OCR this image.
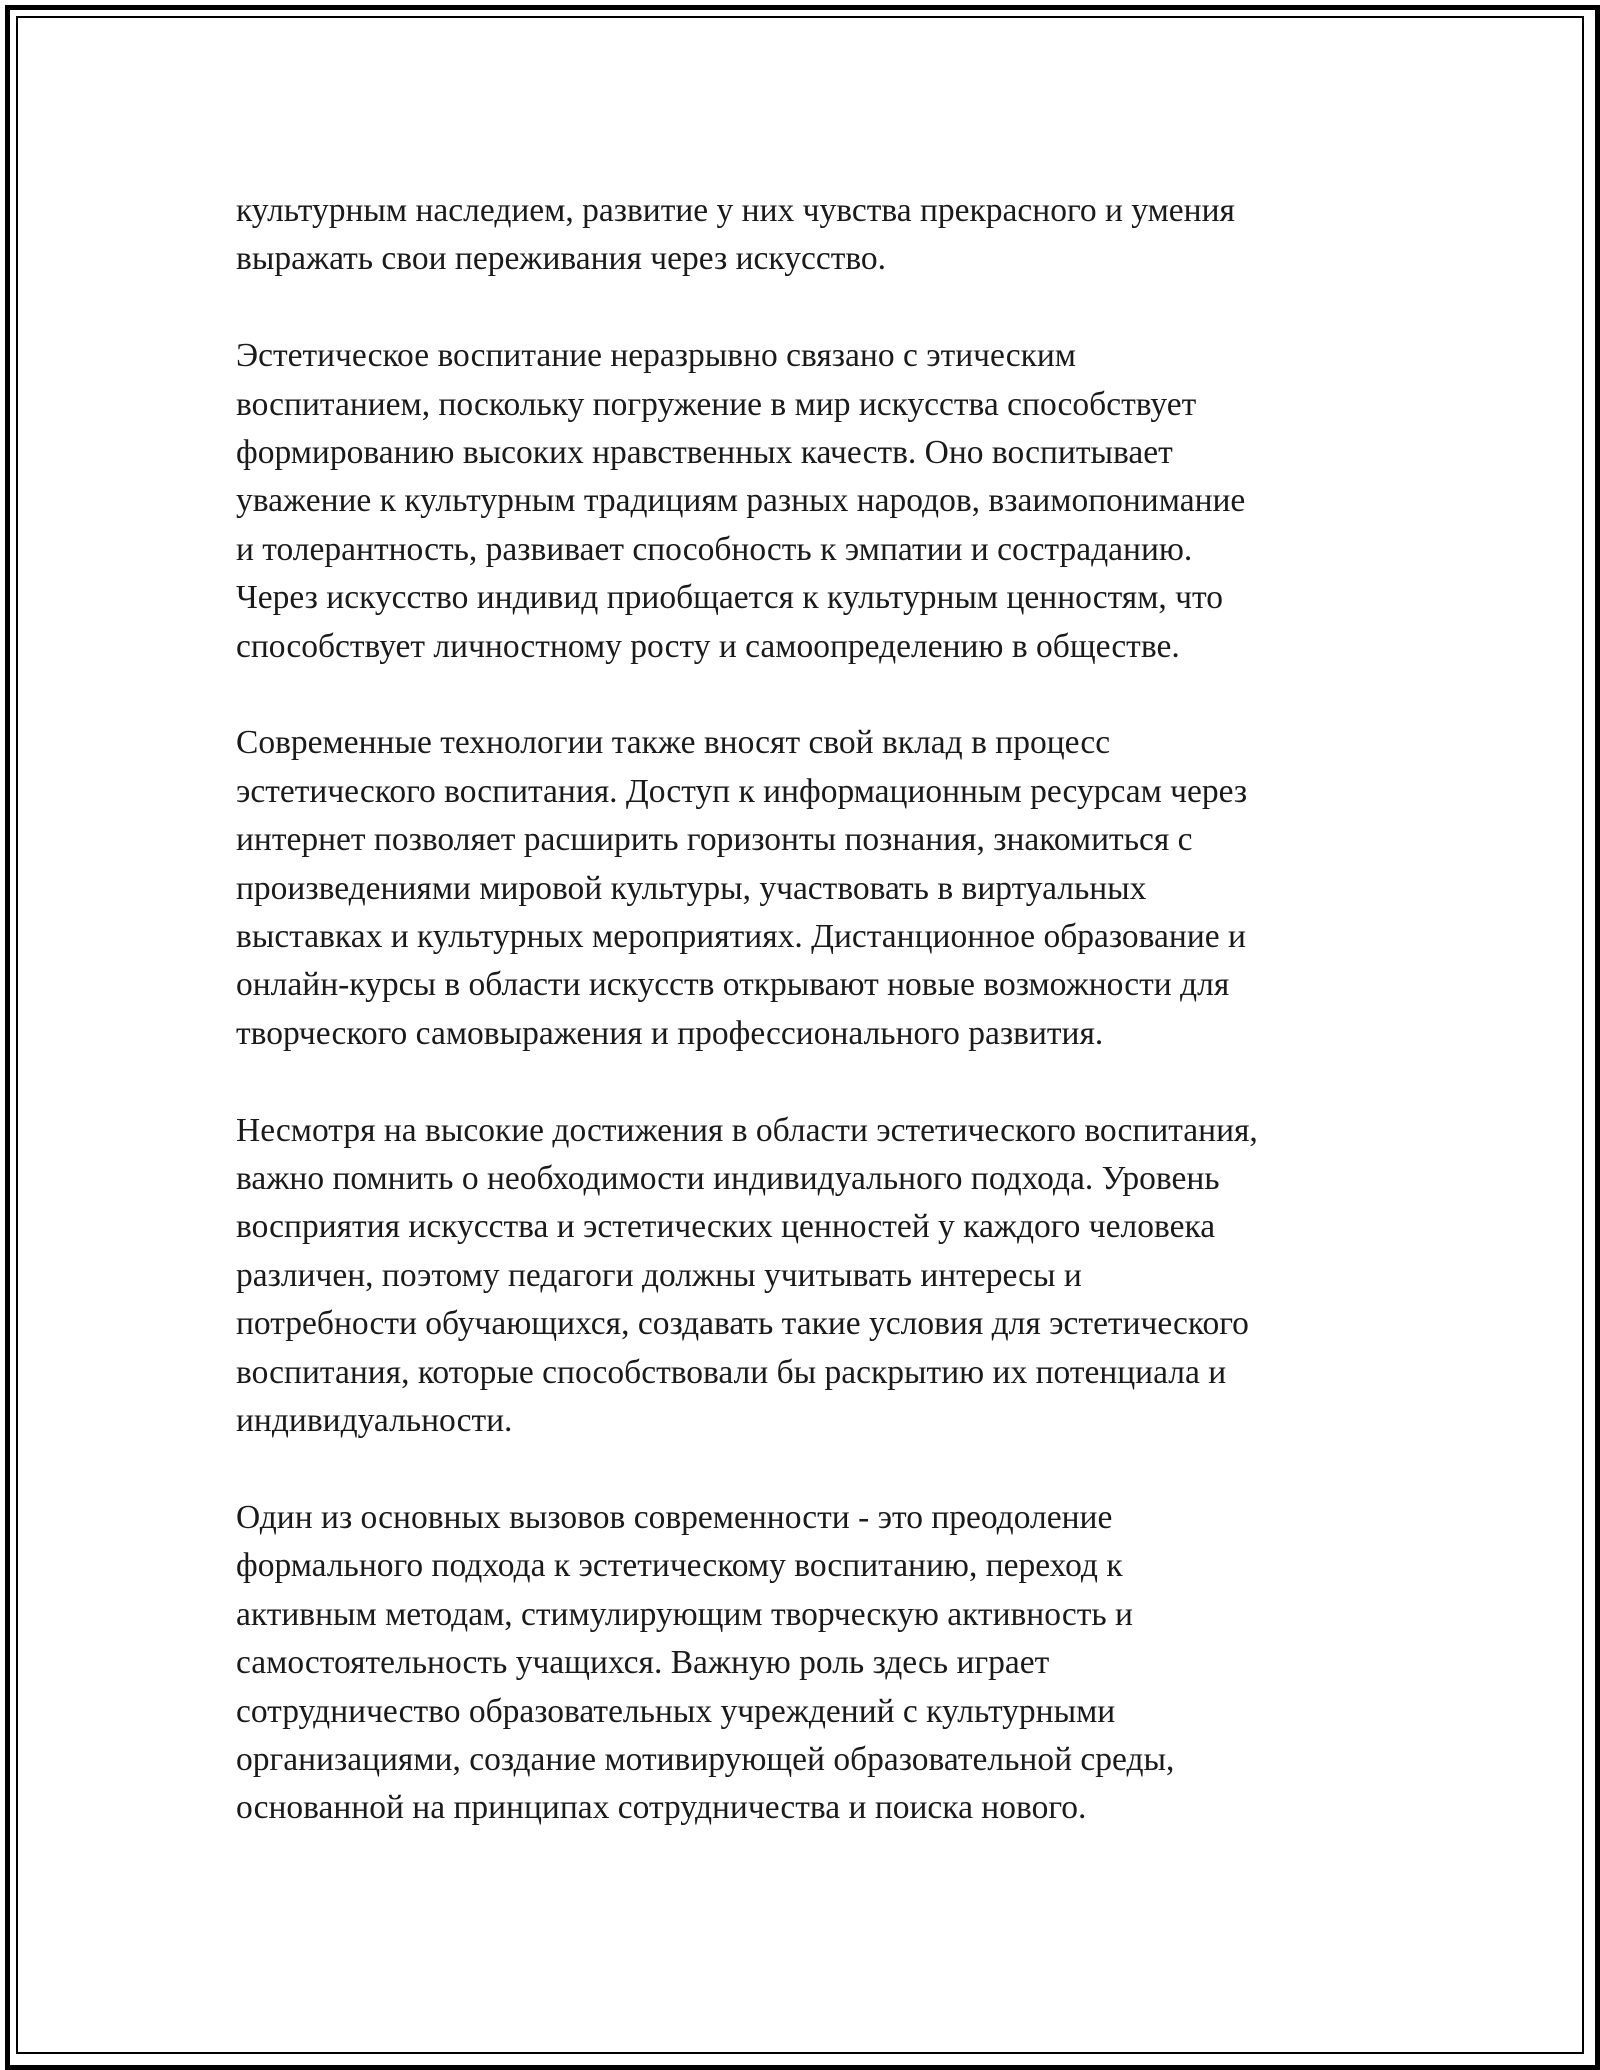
культурным наследием, развитие у них чувства прекрасного и умения
выражать свои переживания через искусство.

Эстетическое воспитание неразрывно связано с этическим
воспитанием, поскольку погружение в мир искусства способствует
формированию высоких нравственных качеств. Оно воспитывает
уважение к культурным традициям разных народов, взаимопонимание
и толерантность, развивает способность к эмпатии и состраданию.
Через искусство индивид приобщается к культурным ценностям, что
способствует личностному росту и самоопределению в обществе.

Современные технологии также вносят свой вклад в процесс
эстетического воспитания. Доступ к информационным ресурсам через
интернет позволяет расширить горизонты познания, знакомиться с
произведениями мировой культуры, участвовать в виртуальных
выставках и культурных мероприятиях. Дистанционное образование и
онлайн-курсы в области искусств открывают новые возможности для
творческого самовыражения и профессионального развития.

Несмотря на высокие достижения в области эстетического воспитания,
важно помнить о необходимости индивидуального подхода. Уровень
восприятия искусства и эстетических ценностей у каждого человека
различен, поэтому педагоги должны учитывать интересы и
потребности обучающихся, создавать такие условия для эстетического
воспитания, которые способствовали бы раскрытию их потенциала и
индивидуальности.

Один из основных вызовов современности - это преодоление
формального подхода к эстетическому воспитанию, переход к
активным методам, стимулирующим творческую активность и
самостоятельность учащихся. Важную роль здесь играет
сотрудничество образовательных учреждений с культурными
организациями, создание мотивирующей образовательной среды,
основанной на принципах сотрудничества и поиска нового.
